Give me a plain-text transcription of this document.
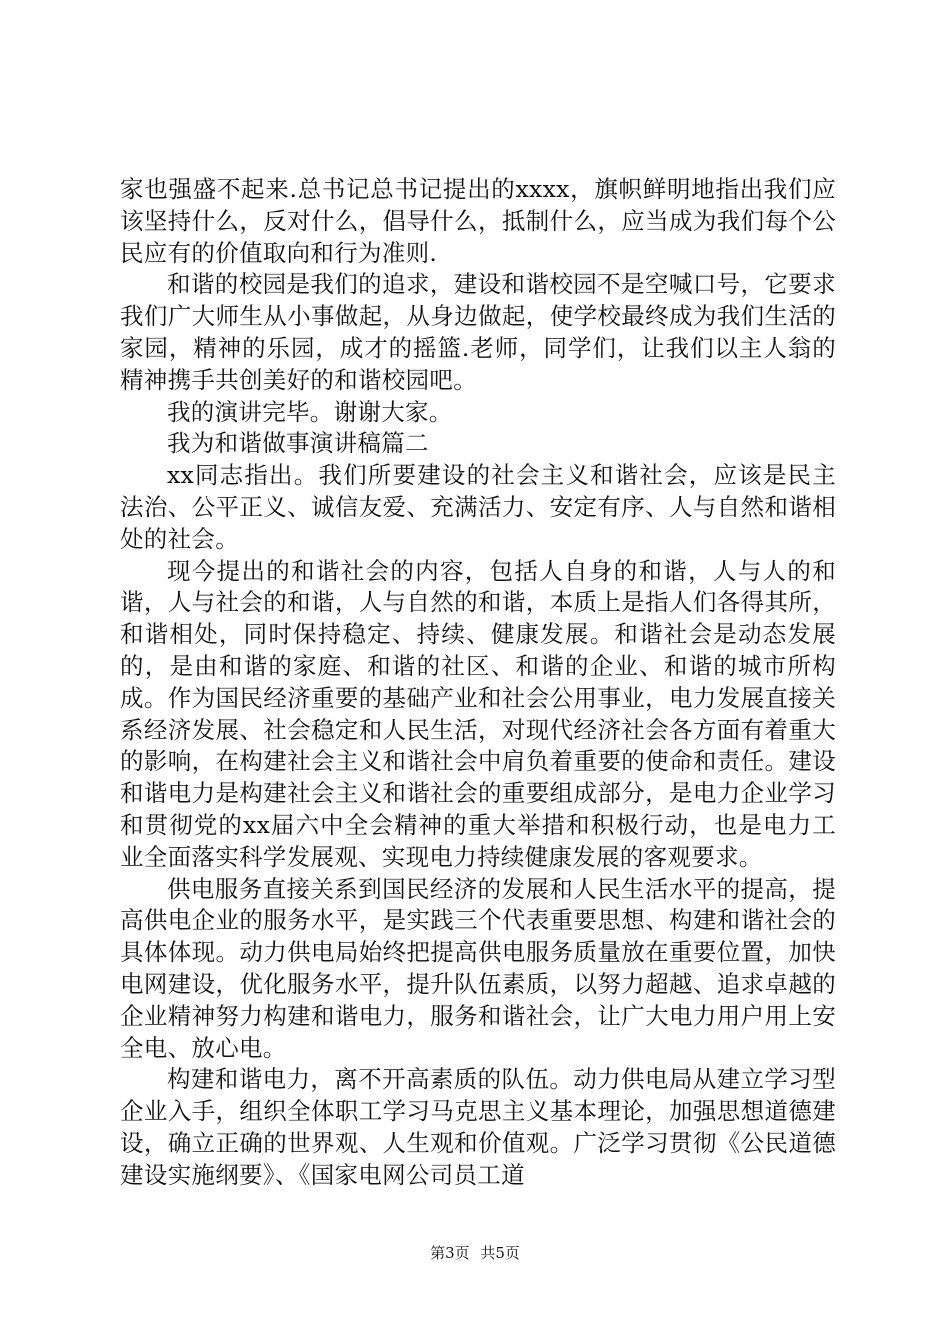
家也强盛不起来.总书记总书记提出的xxxx，旗帜鲜明地指出我们应该坚持什么，反对什么，倡导什么，抵制什么，应当成为我们每个公民应有的价值取向和行为准则.

和谐的校园是我们的追求，建设和谐校园不是空喊口号，它要求我们广大师生从小事做起，从身边做起，使学校最终成为我们生活的家园，精神的乐园，成才的摇篮.老师，同学们，让我们以主人翁的精神携手共创美好的和谐校园吧。

我的演讲完毕。谢谢大家。

我为和谐做事演讲稿篇二

xx同志指出。我们所要建设的社会主义和谐社会，应该是民主法治、公平正义、诚信友爱、充满活力、安定有序、人与自然和谐相处的社会。

现今提出的和谐社会的内容，包括人自身的和谐，人与人的和谐，人与社会的和谐，人与自然的和谐，本质上是指人们各得其所，和谐相处，同时保持稳定、持续、健康发展。和谐社会是动态发展的，是由和谐的家庭、和谐的社区、和谐的企业、和谐的城市所构成。作为国民经济重要的基础产业和社会公用事业，电力发展直接关系经济发展、社会稳定和人民生活，对现代经济社会各方面有着重大的影响，在构建社会主义和谐社会中肩负着重要的使命和责任。建设和谐电力是构建社会主义和谐社会的重要组成部分，是电力企业学习和贯彻党的xx届六中全会精神的重大举措和积极行动，也是电力工业全面落实科学发展观、实现电力持续健康发展的客观要求。

供电服务直接关系到国民经济的发展和人民生活水平的提高，提高供电企业的服务水平，是实践三个代表重要思想、构建和谐社会的具体体现。动力供电局始终把提高供电服务质量放在重要位置，加快电网建设，优化服务水平，提升队伍素质，以努力超越、追求卓越的企业精神努力构建和谐电力，服务和谐社会，让广大电力用户用上安全电、放心电。

构建和谐电力，离不开高素质的队伍。动力供电局从建立学习型企业入手，组织全体职工学习马克思主义基本理论，加强思想道德建设，确立正确的世界观、人生观和价值观。广泛学习贯彻《公民道德建设实施纲要》、《国家电网公司员工道

第3页 共5页
